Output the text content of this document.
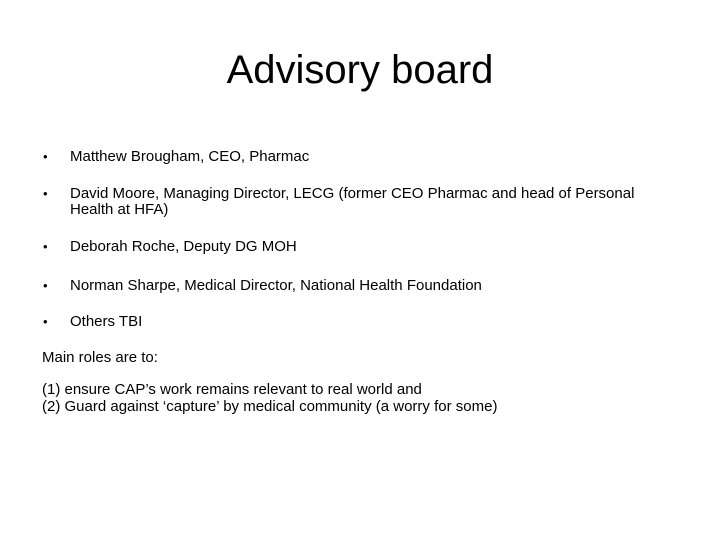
Advisory board
• Matthew Brougham, CEO, Pharmac
• David Moore, Managing Director, LECG (former CEO Pharmac and head of Personal Health at HFA)
• Deborah Roche, Deputy DG MOH
• Norman Sharpe, Medical Director, National Health Foundation
• Others TBI

Main roles are to:

(1) ensure CAP’s work remains relevant to real world and

(2) Guard against ‘capture’ by medical community (a worry for some)
